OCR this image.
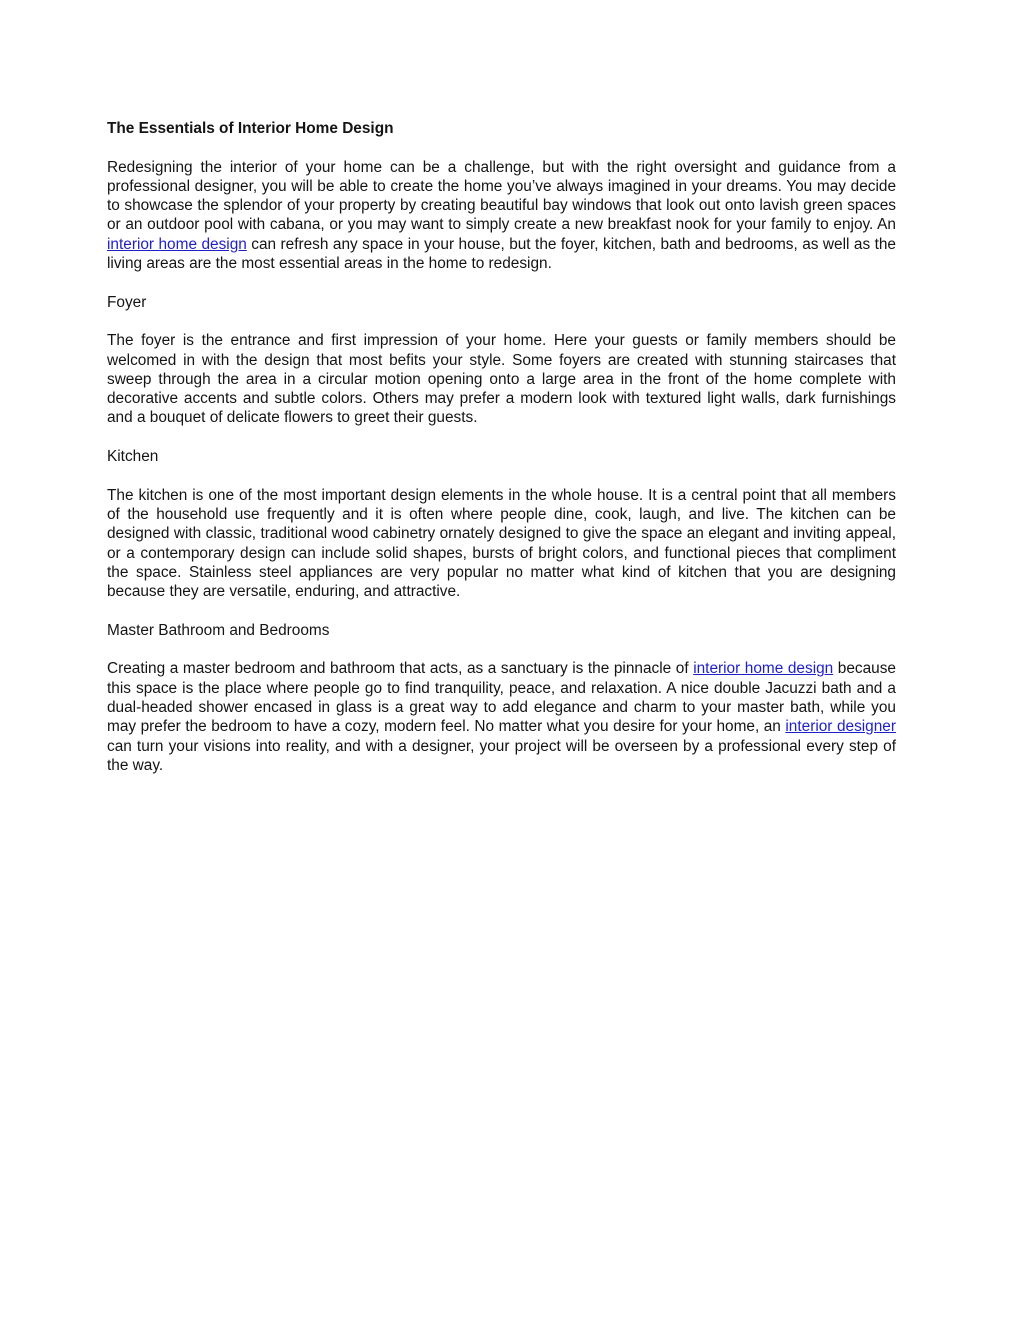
The Essentials of Interior Home Design

Redesigning the interior of your home can be a challenge, but with the right oversight and guidance from a professional designer, you will be able to create the home you’ve always imagined in your dreams. You may decide to showcase the splendor of your property by creating beautiful bay windows that look out onto lavish green spaces or an outdoor pool with cabana, or you may want to simply create a new breakfast nook for your family to enjoy. An interior home design can refresh any space in your house, but the foyer, kitchen, bath and bedrooms, as well as the living areas are the most essential areas in the home to redesign.

Foyer

The foyer is the entrance and first impression of your home. Here your guests or family members should be welcomed in with the design that most befits your style. Some foyers are created with stunning staircases that sweep through the area in a circular motion opening onto a large area in the front of the home complete with decorative accents and subtle colors. Others may prefer a modern look with textured light walls, dark furnishings and a bouquet of delicate flowers to greet their guests.

Kitchen

The kitchen is one of the most important design elements in the whole house. It is a central point that all members of the household use frequently and it is often where people dine, cook, laugh, and live. The kitchen can be designed with classic, traditional wood cabinetry ornately designed to give the space an elegant and inviting appeal, or a contemporary design can include solid shapes, bursts of bright colors, and functional pieces that compliment the space. Stainless steel appliances are very popular no matter what kind of kitchen that you are designing because they are versatile, enduring, and attractive.

Master Bathroom and Bedrooms

Creating a master bedroom and bathroom that acts, as a sanctuary is the pinnacle of interior home design because this space is the place where people go to find tranquility, peace, and relaxation. A nice double Jacuzzi bath and a dual-headed shower encased in glass is a great way to add elegance and charm to your master bath, while you may prefer the bedroom to have a cozy, modern feel. No matter what you desire for your home, an interior designer can turn your visions into reality, and with a designer, your project will be overseen by a professional every step of the way.
